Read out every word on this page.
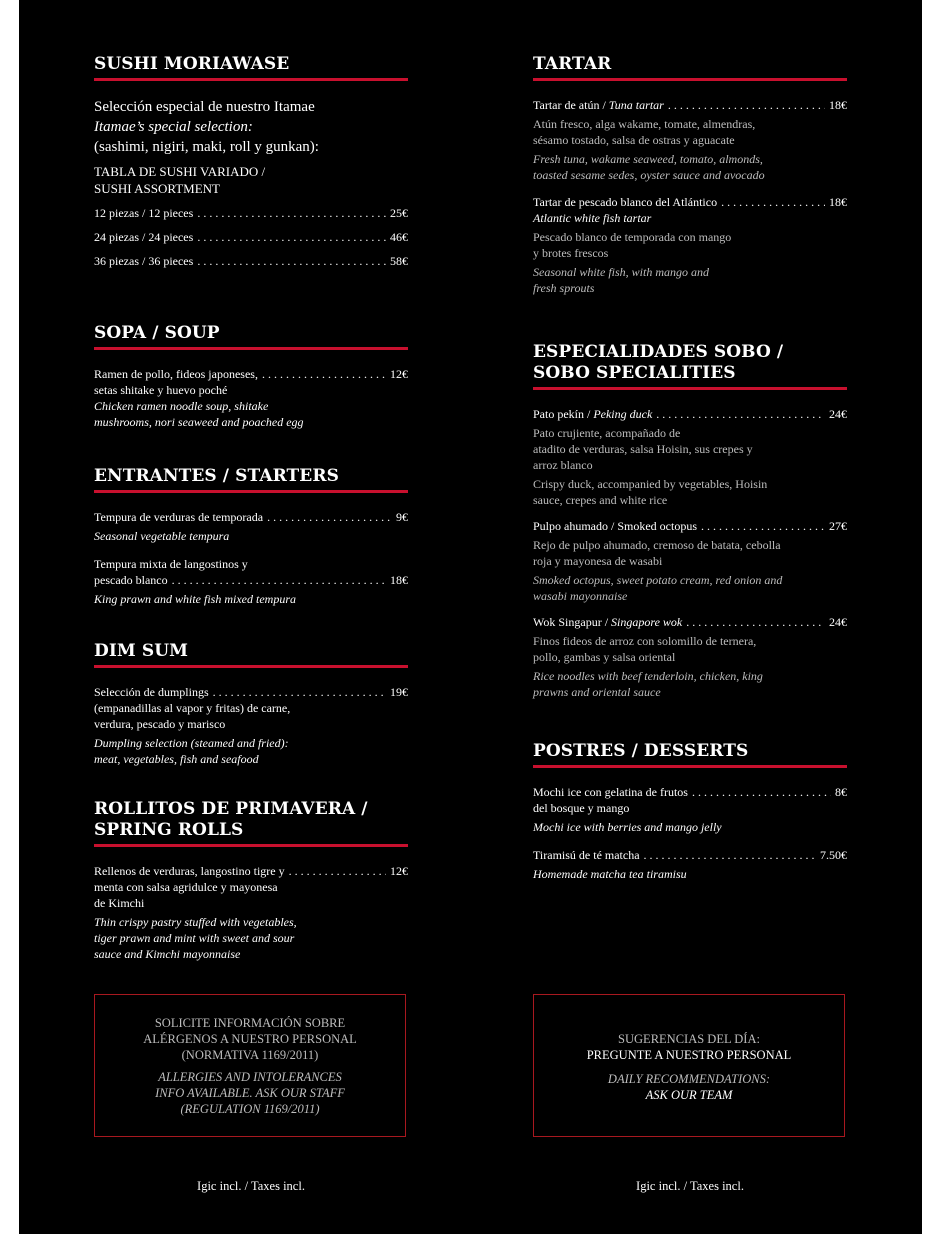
SUSHI MORIAWASE
Selección especial de nuestro Itamae
Itamae’s special selection:
(sashimi, nigiri, maki, roll y gunkan):
TABLA DE SUSHI VARIADO /
SUSHI ASSORTMENT
12 piezas / 12 pieces . . .	25€
24 piezas / 24 pieces . . .	46€
36 piezas / 36 pieces . . .	58€
SOPA / SOUP
Ramen de pollo, fideos japoneses, . . .	12€
setas shitake y huevo poché
Chicken ramen noodle soup, shitake
mushrooms, nori seaweed and poached egg
ENTRANTES / STARTERS
Tempura de verduras de temporada . . .	9€
Seasonal vegetable tempura
Tempura mixta de langostinos y
pescado blanco . . .	18€
King prawn and white fish mixed tempura
DIM SUM
Selección de dumplings . . .	19€
(empanadillas al vapor y fritas) de carne,
verdura, pescado y marisco
Dumpling selection (steamed and fried):
meat, vegetables, fish and seafood
ROLLITOS DE PRIMAVERA /
SPRING ROLLS
Rellenos de verduras, langostino tigre y . . .	12€
menta con salsa agridulce y mayonesa
de Kimchi
Thin crispy pastry stuffed with vegetables,
tiger prawn and mint with sweet and sour
sauce and Kimchi mayonnaise
SOLICITE INFORMACIÓN SOBRE
ALÉRGENOS A NUESTRO PERSONAL
(NORMATIVA 1169/2011)
ALLERGIES AND INTOLERANCES
INFO AVAILABLE. ASK OUR STAFF
(REGULATION 1169/2011)
Igic incl. / Taxes incl.
TARTAR
Tartar de atún / Tuna tartar . . .	18€
Atún fresco, alga wakame, tomate, almendras,
sésamo tostado, salsa de ostras y aguacate
Fresh tuna, wakame seaweed, tomato, almonds,
toasted sesame sedes, oyster sauce and avocado
Tartar de pescado blanco del Atlántico . . .	18€
Atlantic white fish tartar
Pescado blanco de temporada con mango
y brotes frescos
Seasonal white fish, with mango and
fresh sprouts
ESPECIALIDADES SOBO /
SOBO SPECIALITIES
Pato pekín / Peking duck . . .	24€
Pato crujiente, acompañado de
atadito de verduras, salsa Hoisin, sus crepes y
arroz blanco
Crispy duck, accompanied by vegetables, Hoisin
sauce, crepes and white rice
Pulpo ahumado / Smoked octopus . . .	27€
Rejo de pulpo ahumado, cremoso de batata, cebolla
roja y mayonesa de wasabi
Smoked octopus, sweet potato cream, red onion and
wasabi mayonnaise
Wok Singapur / Singapore wok . . .	24€
Finos fideos de arroz con solomillo de ternera,
pollo, gambas y salsa oriental
Rice noodles with beef tenderloin, chicken, king
prawns and oriental sauce
POSTRES / DESSERTS
Mochi ice con gelatina de frutos . . .	8€
del bosque y mango
Mochi ice with berries and mango jelly
Tiramisú de té matcha . . .	7.50€
Homemade matcha tea tiramisu
SUGERENCIAS DEL DÍA:
PREGUNTE A NUESTRO PERSONAL
DAILY RECOMMENDATIONS:
ASK OUR TEAM
Igic incl. / Taxes incl.
